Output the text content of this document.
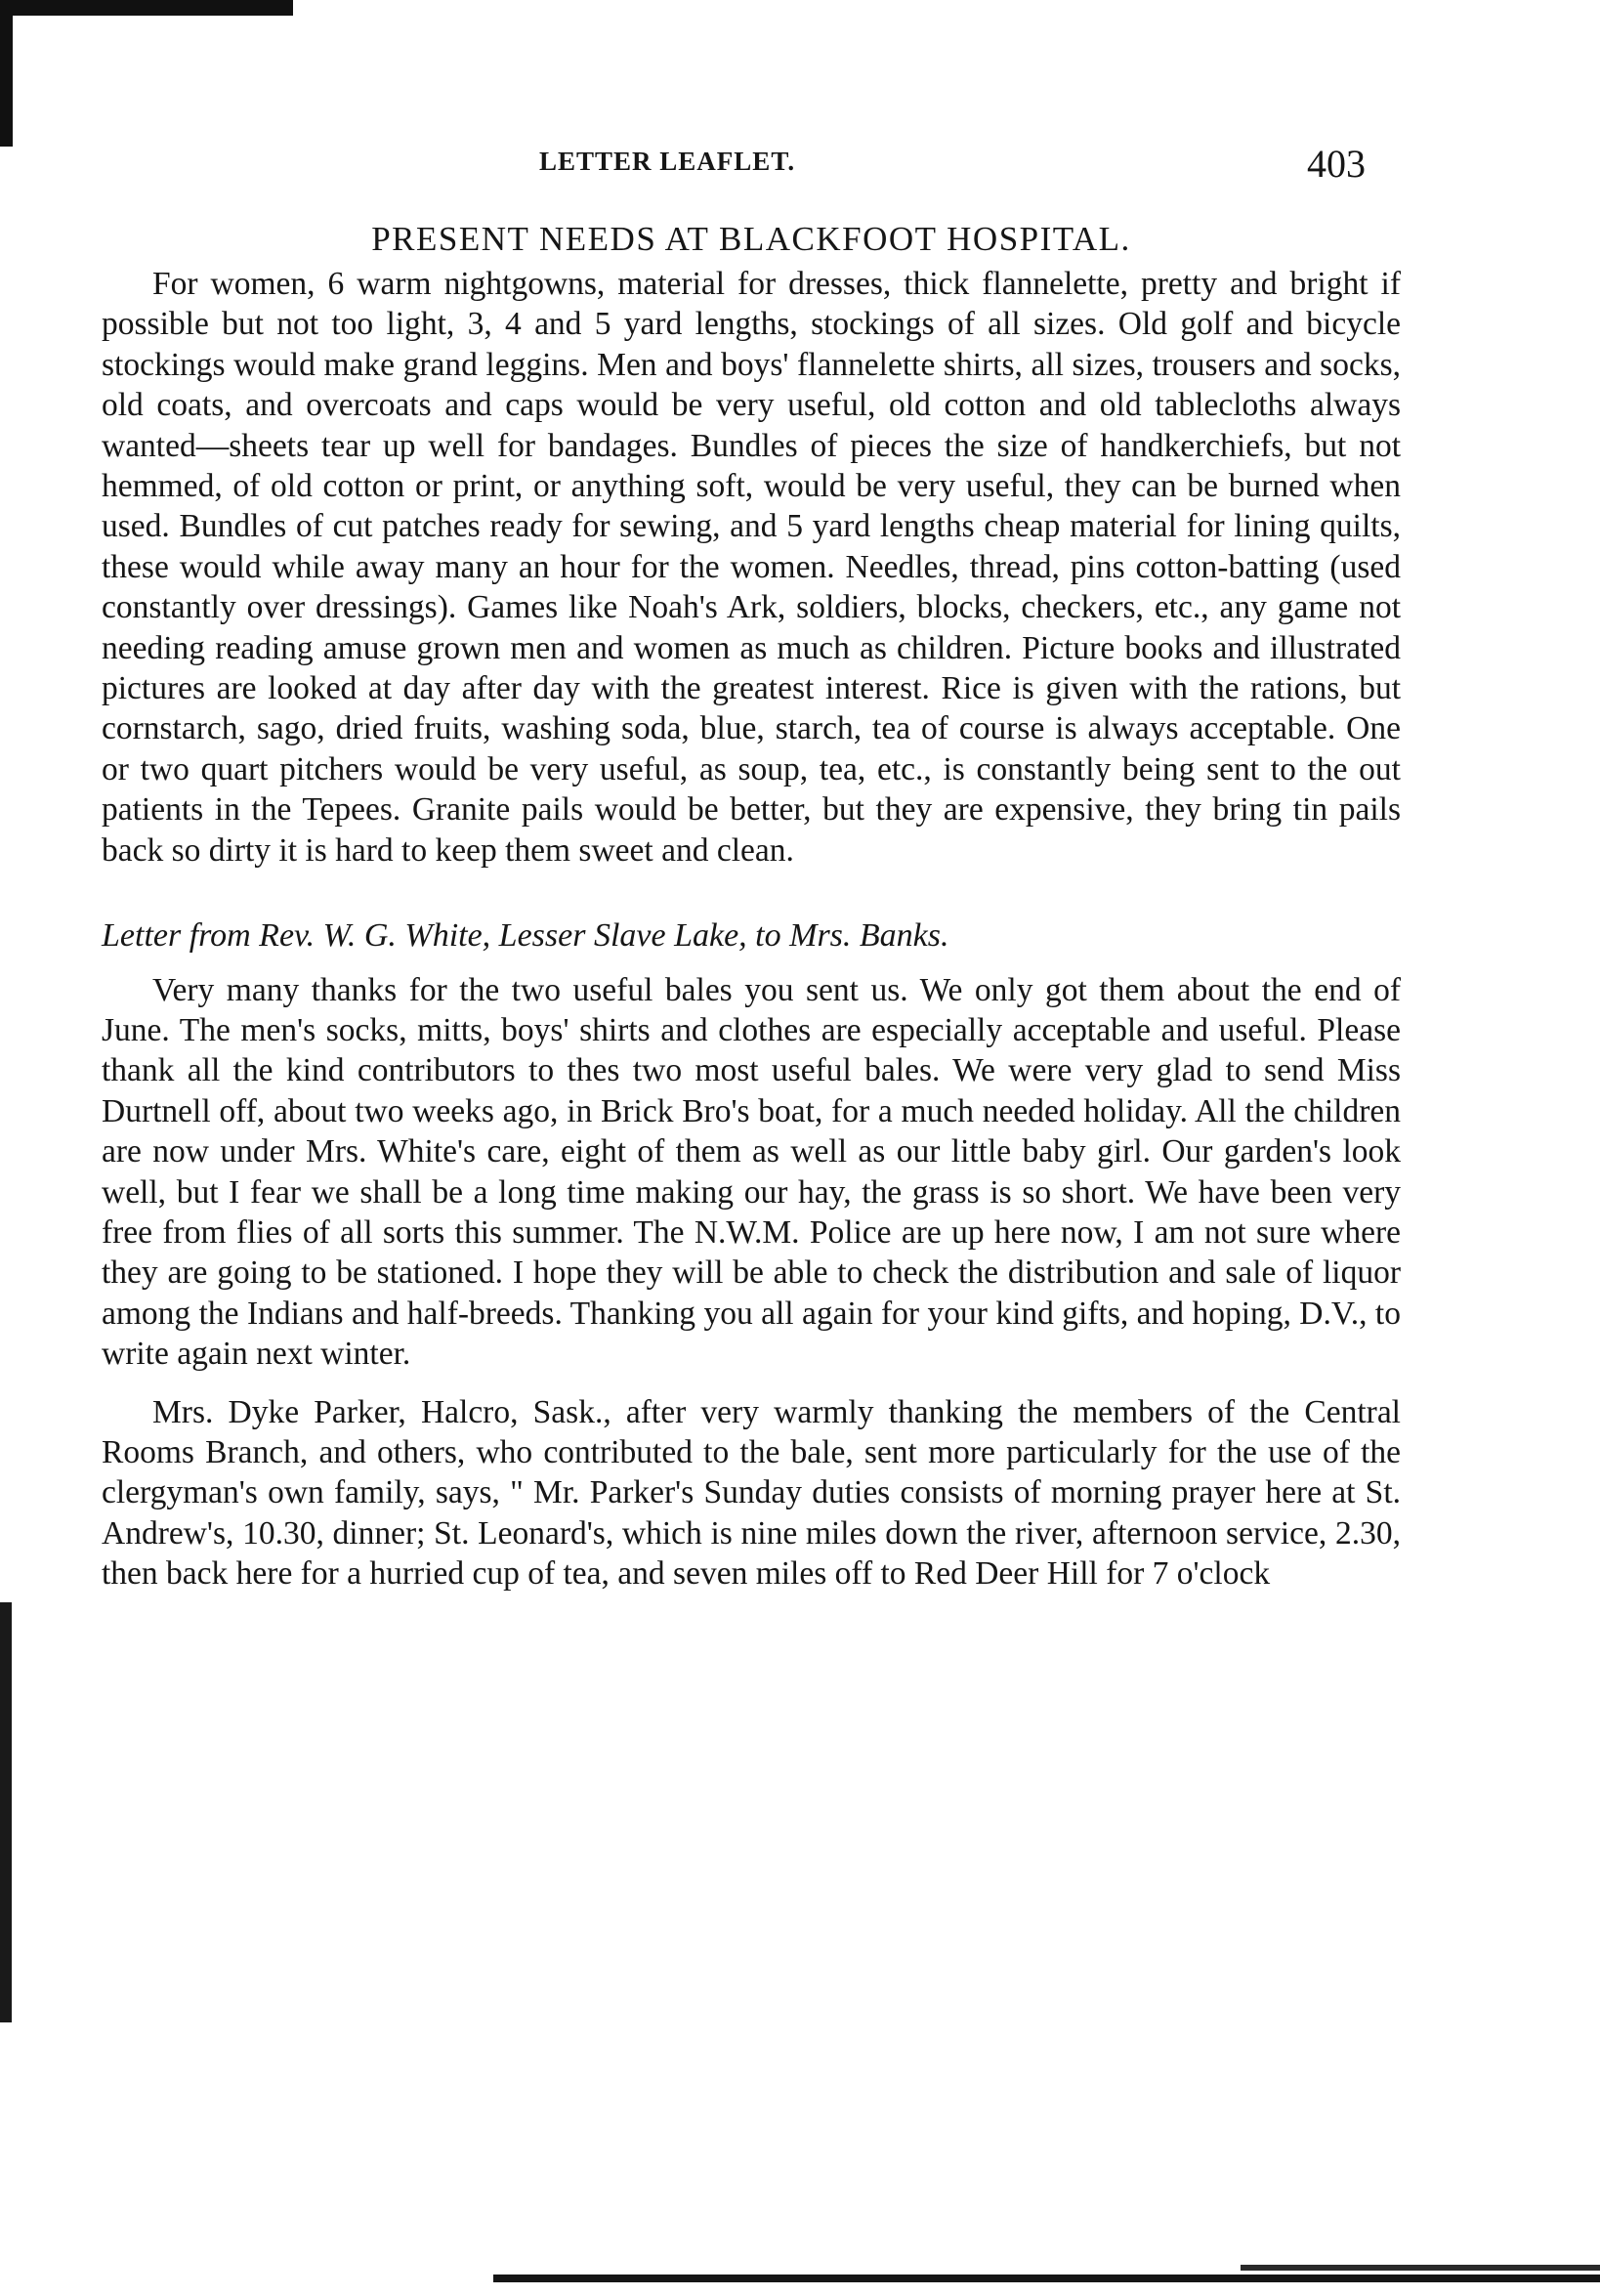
LETTER LEAFLET.	403
PRESENT NEEDS AT BLACKFOOT HOSPITAL.

For women, 6 warm nightgowns, material for dresses, thick flannelette, pretty and bright if possible but not too light, 3, 4 and 5 yard lengths, stockings of all sizes. Old golf and bicycle stockings would make grand leggins. Men and boys' flannelette shirts, all sizes, trousers and socks, old coats, and overcoats and caps would be very useful, old cotton and old tablecloths always wanted—sheets tear up well for bandages. Bundles of pieces the size of handkerchiefs, but not hemmed, of old cotton or print, or anything soft, would be very useful, they can be burned when used. Bundles of cut patches ready for sewing, and 5 yard lengths cheap material for lining quilts, these would while away many an hour for the women. Needles, thread, pins cotton-batting (used constantly over dressings). Games like Noah's Ark, soldiers, blocks, checkers, etc., any game not needing reading amuse grown men and women as much as children. Picture books and illustrated pictures are looked at day after day with the greatest interest. Rice is given with the rations, but cornstarch, sago, dried fruits, washing soda, blue, starch, tea of course is always acceptable. One or two quart pitchers would be very useful, as soup, tea, etc., is constantly being sent to the out patients in the Tepees. Granite pails would be better, but they are expensive, they bring tin pails back so dirty it is hard to keep them sweet and clean.

Letter from Rev. W. G. White, Lesser Slave Lake, to Mrs. Banks.

Very many thanks for the two useful bales you sent us. We only got them about the end of June. The men's socks, mitts, boys' shirts and clothes are especially acceptable and useful. Please thank all the kind contributors to thes two most useful bales. We were very glad to send Miss Durtnell off, about two weeks ago, in Brick Bro's boat, for a much needed holiday. All the children are now under Mrs. White's care, eight of them as well as our little baby girl. Our garden's look well, but I fear we shall be a long time making our hay, the grass is so short. We have been very free from flies of all sorts this summer. The N.W.M. Police are up here now, I am not sure where they are going to be stationed. I hope they will be able to check the distribution and sale of liquor among the Indians and half-breeds. Thanking you all again for your kind gifts, and hoping, D.V., to write again next winter.

Mrs. Dyke Parker, Halcro, Sask., after very warmly thanking the members of the Central Rooms Branch, and others, who contributed to the bale, sent more particularly for the use of the clergyman's own family, says, " Mr. Parker's Sunday duties consists of morning prayer here at St. Andrew's, 10.30, dinner; St. Leonard's, which is nine miles down the river, afternoon service, 2.30, then back here for a hurried cup of tea, and seven miles off to Red Deer Hill for 7 o'clock
